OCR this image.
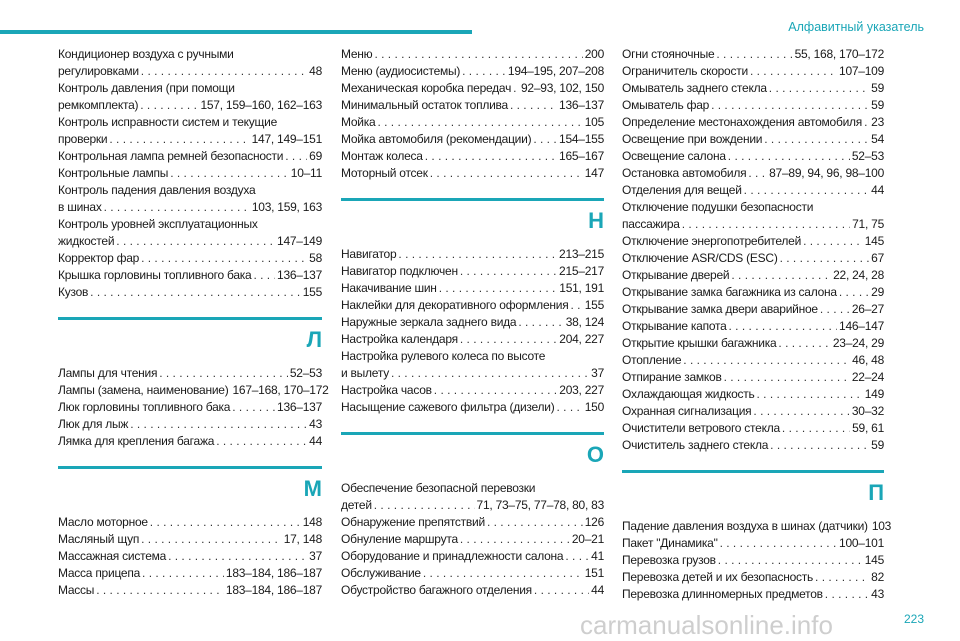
Алфавитный указатель
Кондиционер воздуха с ручными
регулировками . . .	48
Контроль давления (при помощи
ремкомплекта) . . .	157, 159–160, 162–163
Контроль исправности систем и текущие
проверки . . .	147, 149–151
Контрольная лампа ремней безопасности . . . 69
Контрольные лампы . . .	10–11
Контроль падения давления воздуха
в шинах . . .	103, 159, 163
Контроль уровней эксплуатационных
жидкостей . . .	147–149
Корректор фар . . .	58
Крышка горловины топливного бака . . . 136–137
Кузов . . .	155
Л
Лампы для чтения . . .	52–53
Лампы (замена, наименование) 167–168, 170–172
Люк горловины топливного бака . . .	136–137
Люк для лыж . . .	43
Лямка для крепления багажа . . .	44
М
Масло моторное . . .	148
Масляный щуп . . .	17, 148
Массажная система . . .	37
Масса прицепа . . .	183–184, 186–187
Массы . . .	183–184, 186–187
Меню . . .	200
Меню (аудиосистемы) . . .	194–195, 207–208
Механическая коробка передач . . . 92–93, 102, 150
Минимальный остаток топлива . . .	136–137
Мойка . . .	105
Мойка автомобиля (рекомендации) . . . 154–155
Монтаж колеса . . .	165–167
Моторный отсек . . .	147
Н
Навигатор . . .	213–215
Навигатор подключен . . .	215–217
Накачивание шин . . .	151, 191
Наклейки для декоративного оформления . . . 155
Наружные зеркала заднего вида . . .	38, 124
Настройка календаря . . .	204, 227
Настройка рулевого колеса по высоте
и вылету . . .	37
Настройка часов . . .	203, 227
Насыщение сажевого фильтра (дизели) . . .	150
О
Обеспечение безопасной перевозки
детей . . .	71, 73–75, 77–78, 80, 83
Обнаружение препятствий . . .	126
Обнуление маршрута . . .	20–21
Оборудование и принадлежности салона . . . 41
Обслуживание . . .	151
Обустройство багажного отделения . . .	44
Огни стояночные . . .	55, 168, 170–172
Ограничитель скорости . . .	107–109
Омыватель заднего стекла . . .	59
Омыватель фар . . .	59
Определение местонахождения автомобиля . . . 23
Освещение при вождении . . .	54
Освещение салона . . .	52–53
Остановка автомобиля . . . 87–89, 94, 96, 98–100
Отделения для вещей . . .	44
Отключение подушки безопасности
пассажира . . .	71, 75
Отключение энергопотребителей . . .	145
Отключение ASR/CDS (ESC) . . .	67
Открывание дверей . . .	22, 24, 28
Открывание замка багажника из салона . . .	29
Открывание замка двери аварийное . . .	26–27
Открывание капота . . .	146–147
Открытие крышки багажника . . .	23–24, 29
Отопление . . .	46, 48
Отпирание замков . . .	22–24
Охлаждающая жидкость . . .	149
Охранная сигнализация . . .	30–32
Очистители ветрового стекла . . .	59, 61
Очиститель заднего стекла . . .	59
П
Падение давления воздуха в шинах (датчики) 103
Пакет "Динамика" . . .	100–101
Перевозка грузов . . .	145
Перевозка детей и их безопасность . . .	82
Перевозка длинномерных предметов . . .	43
carmanualsonline.info	223
